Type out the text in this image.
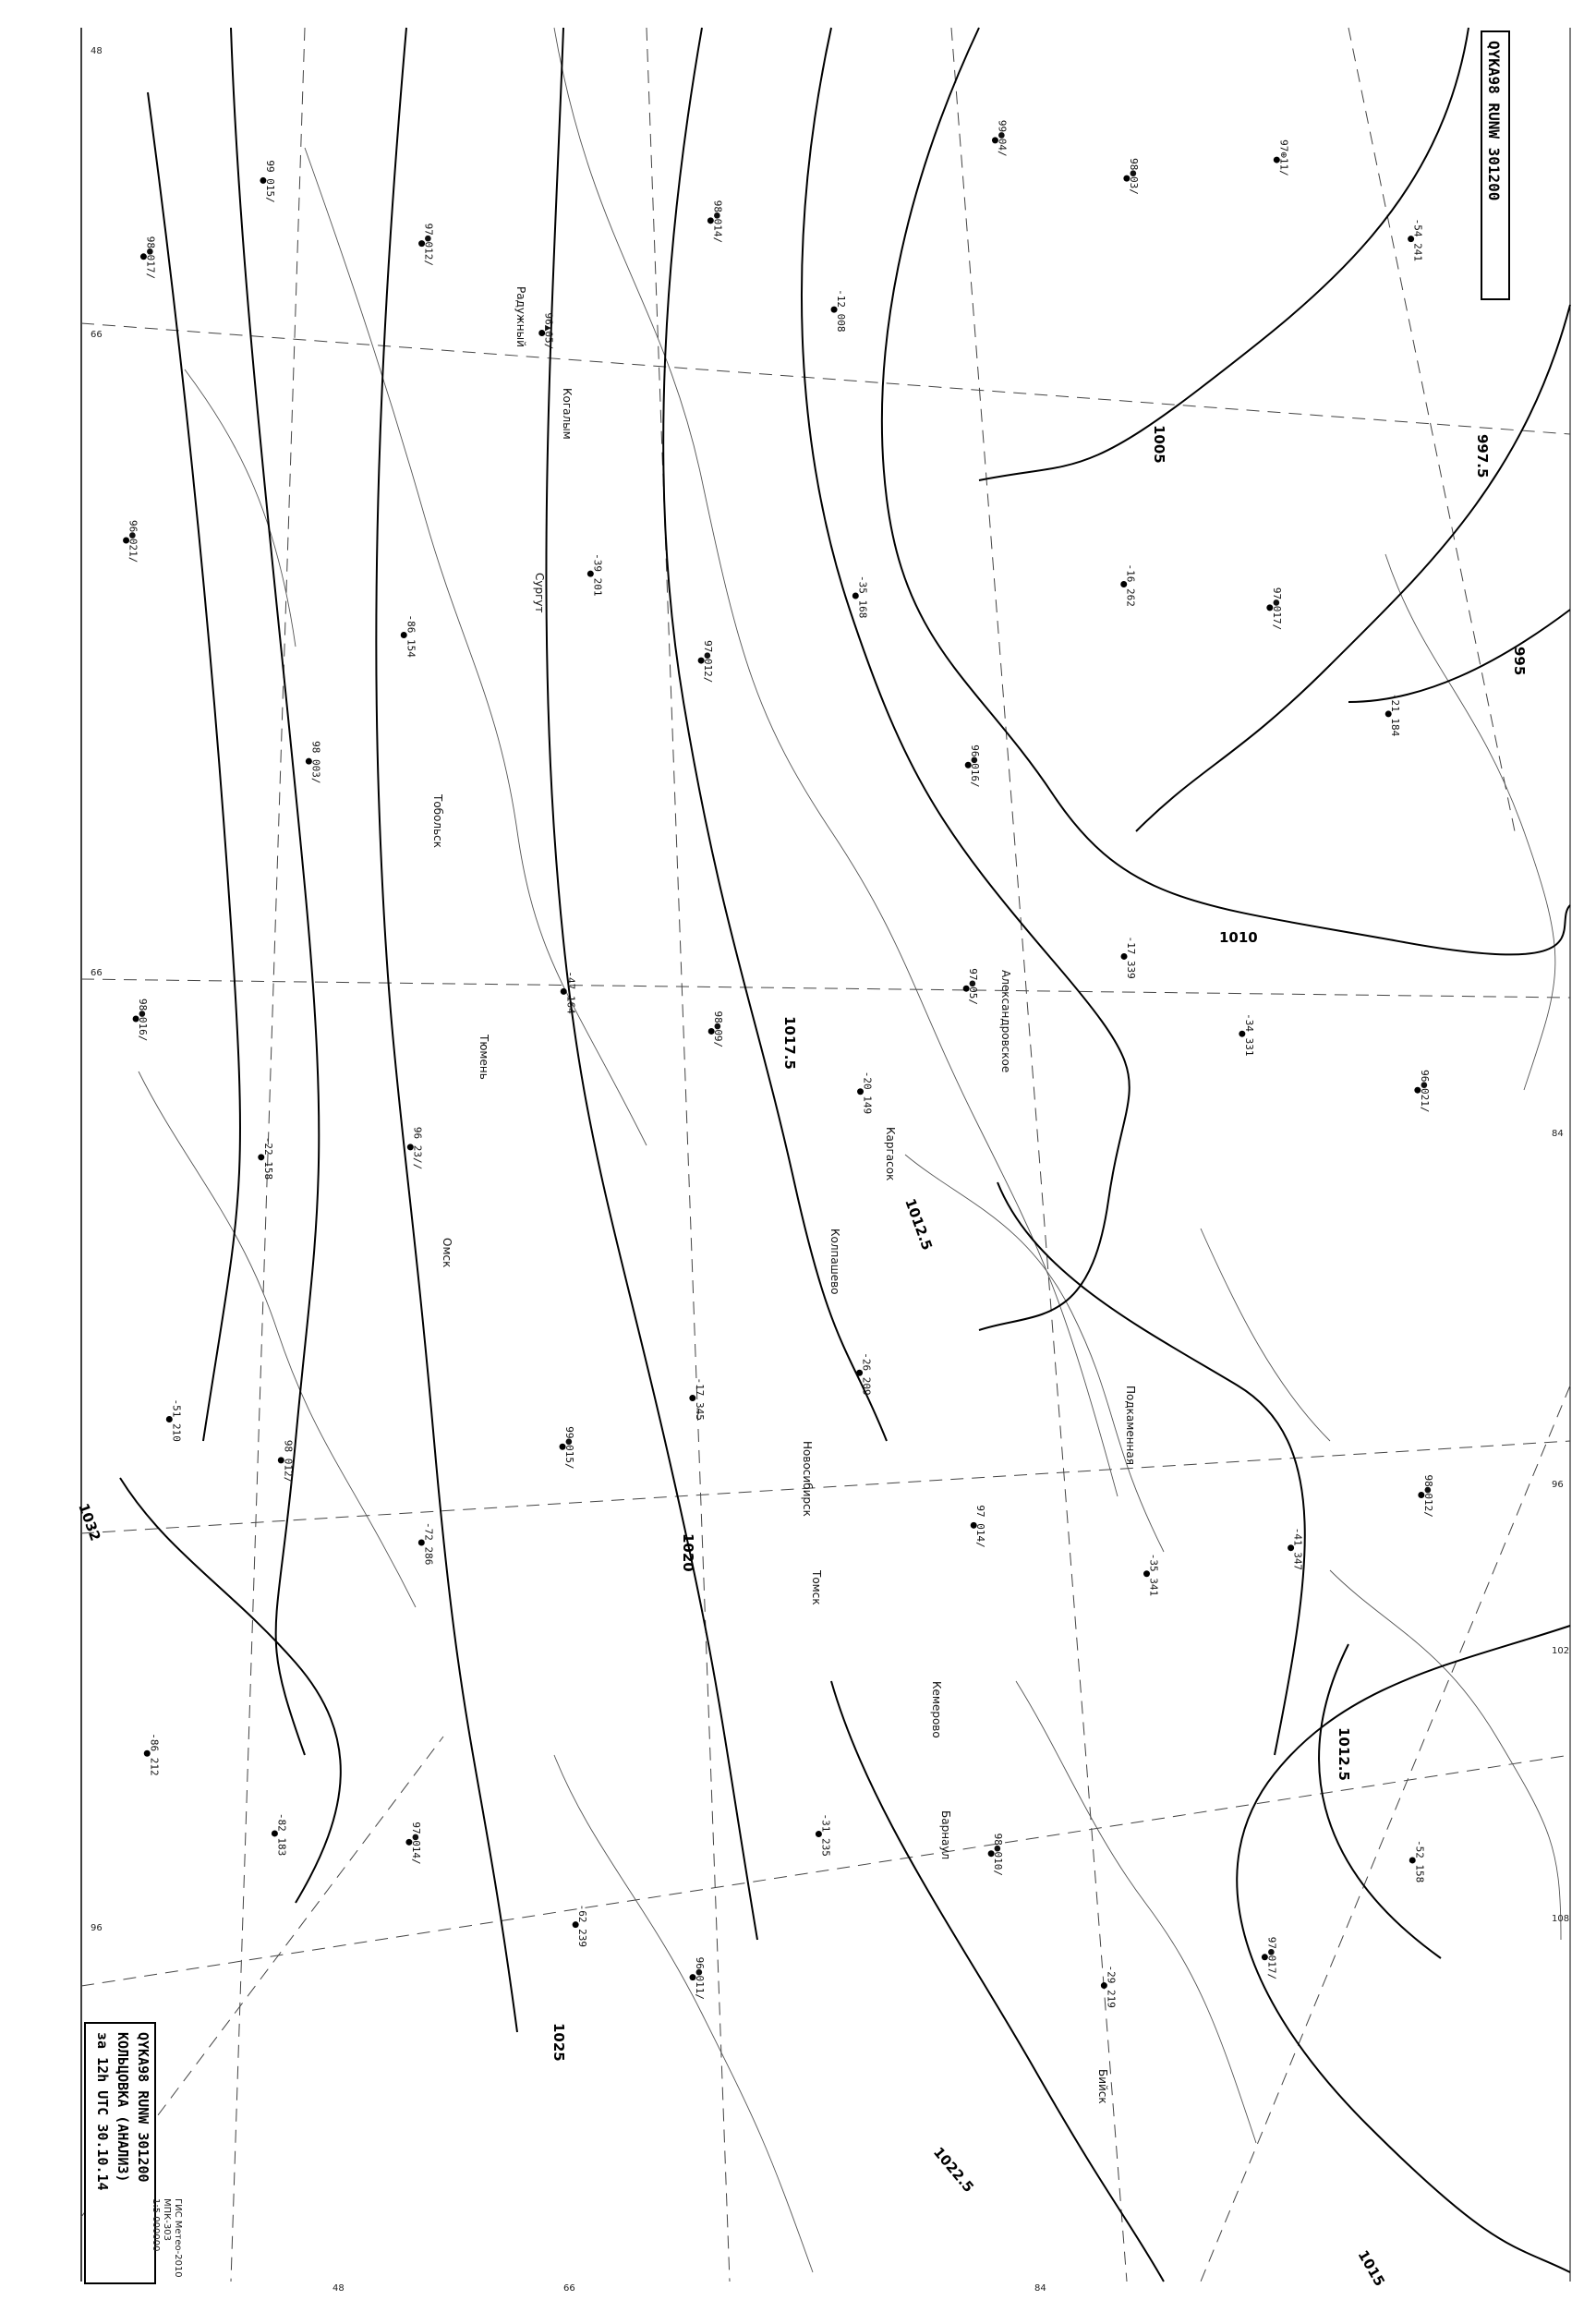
997.5
1005
995
1010
1017.5
1012.5
1020
1025
1022.5
1015
1012.5
1032
Сургут
Когалым
Радужный
Александровское
Каргасок
Подкаменная
Колпашево
Томск
Бийск
Барнаул
Кемерово
Новосибирск
Омск
Тобольск
Тюмень
48
66
66
84
96
102
108
96
48	66	84
98●017/
99 015/
97●012/
96▲05/
98●014/
-12 008
99●04/
98●03/
97⊕11/
-54 241
96●021/
98 003/
-86 154
-39 201
97●012/
-35 168
96●016/
-16 262
97●017/
-21 184
98●016/
-22 158	96 23//
-47 164
98●09/
-20 149
97●05/
-17 339
-34 331
96●021/
-51 210
98 012/
-72 286
99●015/
-17 345
-26 209
97 014/
-35 341
-41 347
98●012/
-86 212
-82 183	97●014/
-62 239
96●011/
-31 235	98●010/
-29 219
97●017/
-52 158
QYKA98 RUNW 301200
QYKA98 RUNW 301200
КОЛЬЦОВКА (АНАЛИЗ)
за 12h UTC 30.10.14
ГИС Метео-2010
MПК-303
1:5 000000
